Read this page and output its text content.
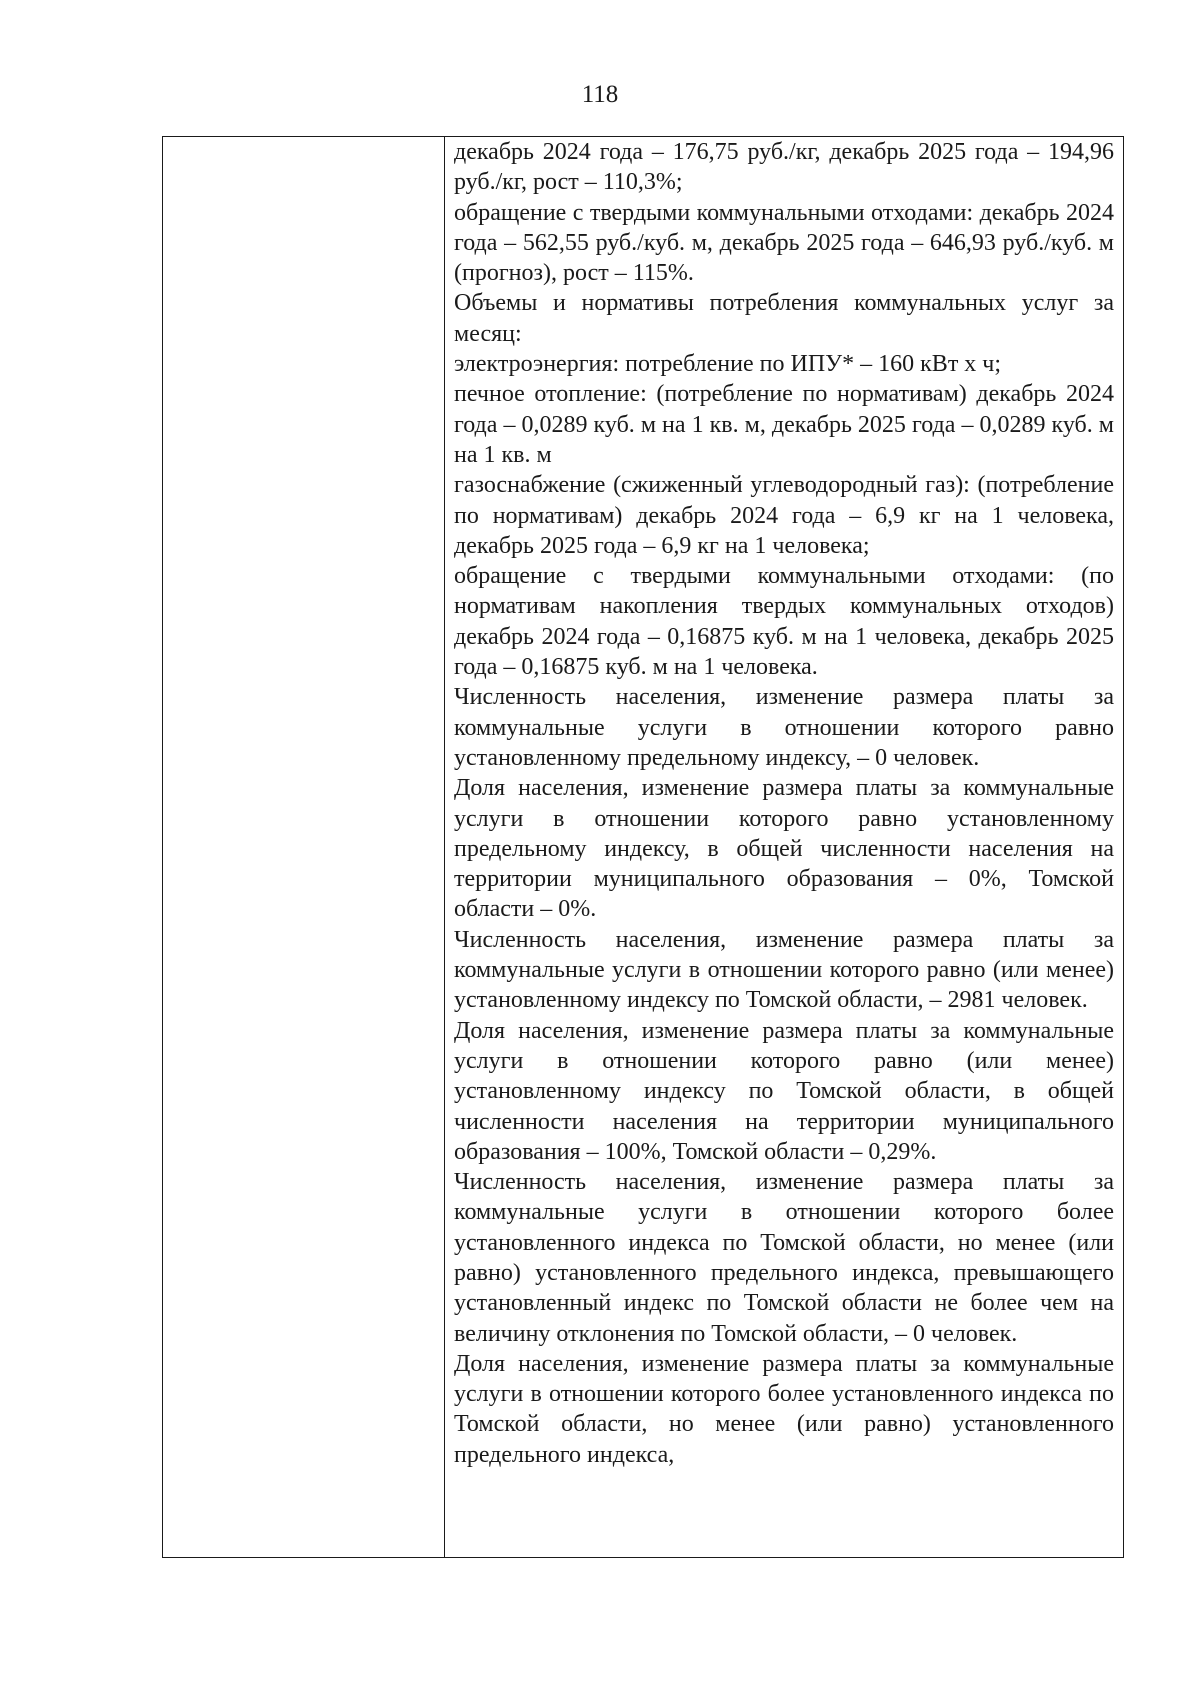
118

декабрь 2024 года – 176,75 руб./кг, декабрь 2025 года – 194,96 руб./кг, рост – 110,3%;

обращение с твердыми коммунальными отходами: декабрь 2024 года – 562,55 руб./куб. м, декабрь 2025 года – 646,93 руб./куб. м (прогноз), рост – 115%.

Объемы и нормативы потребления коммунальных услуг за месяц:

электроэнергия: потребление по ИПУ* – 160 кВт х ч;

печное отопление: (потребление по нормативам) декабрь 2024 года – 0,0289 куб. м на 1 кв. м, декабрь 2025 года – 0,0289 куб. м на 1 кв. м

газоснабжение (сжиженный углеводородный газ): (потребление по нормативам) декабрь 2024 года – 6,9 кг на 1 человека, декабрь 2025 года – 6,9 кг на 1 человека;

обращение с твердыми коммунальными отходами: (по нормативам накопления твердых коммунальных отходов) декабрь 2024 года – 0,16875 куб. м на 1 человека, декабрь 2025 года – 0,16875 куб. м на 1 человека.

Численность населения, изменение размера платы за коммунальные услуги в отношении которого равно установленному предельному индексу, – 0 человек.

Доля населения, изменение размера платы за коммунальные услуги в отношении которого равно установленному предельному индексу, в общей численности населения на территории муниципального образования – 0%, Томской области – 0%.

Численность населения, изменение размера платы за коммунальные услуги в отношении которого равно (или менее) установленному индексу по Томской области, – 2981 человек.

Доля населения, изменение размера платы за коммунальные услуги в отношении которого равно (или менее) установленному индексу по Томской области, в общей численности населения на территории муниципального образования – 100%, Томской области – 0,29%.

Численность населения, изменение размера платы за коммунальные услуги в отношении которого более установленного индекса по Томской области, но менее (или равно) установленного предельного индекса, превышающего установленный индекс по Томской области не более чем на величину отклонения по Томской области, – 0 человек.

Доля населения, изменение размера платы за коммунальные услуги в отношении которого более установленного индекса по Томской области, но менее (или равно) установленного предельного индекса,
